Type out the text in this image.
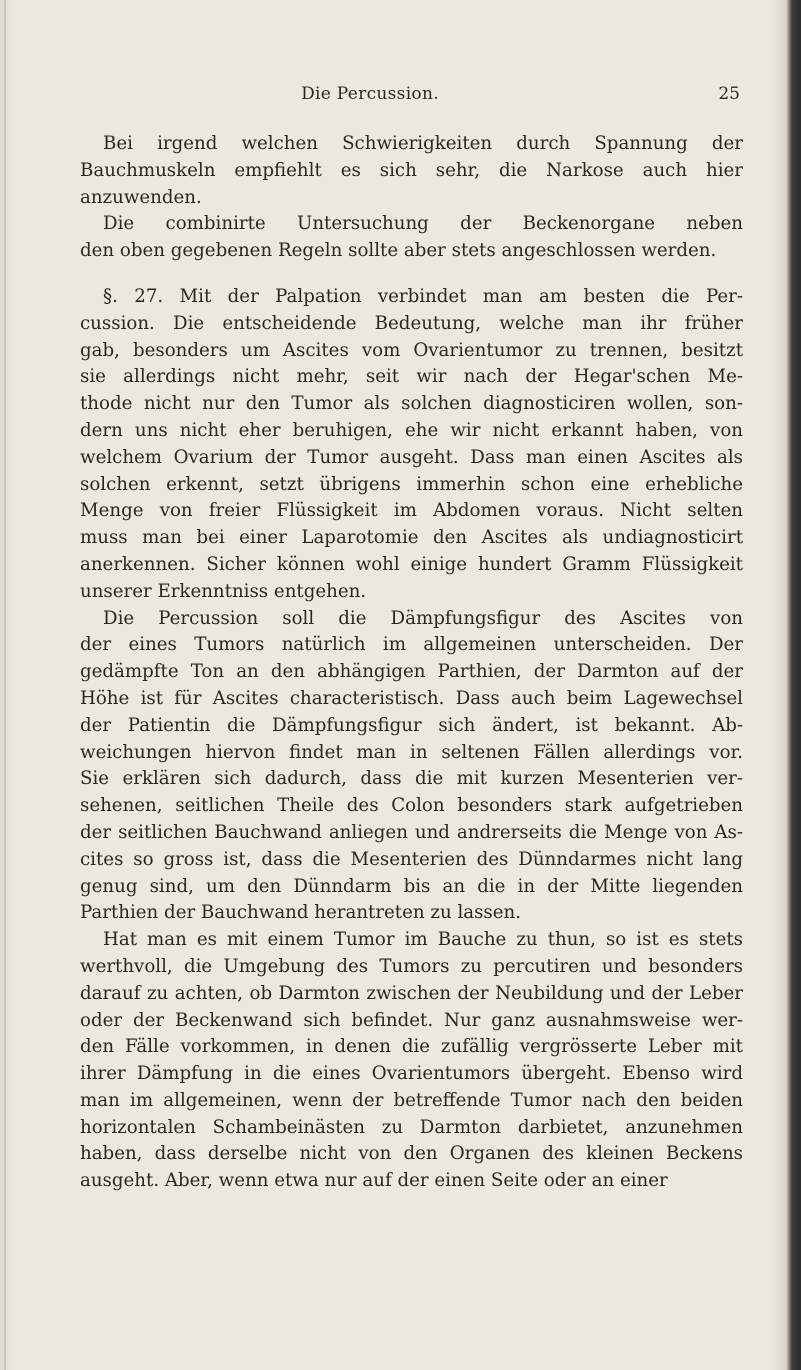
Die Percussion.	25
Bei irgend welchen Schwierigkeiten durch Spannung der
Bauchmuskeln empfiehlt es sich sehr, die Narkose auch hier
anzuwenden.
Die combinirte Untersuchung der Beckenorgane neben
den oben gegebenen Regeln sollte aber stets angeschlossen werden.
§. 27. Mit der Palpation verbindet man am besten die Per-
cussion. Die entscheidende Bedeutung, welche man ihr früher
gab, besonders um Ascites vom Ovarientumor zu trennen, besitzt
sie allerdings nicht mehr, seit wir nach der Hegar'schen Me-
thode nicht nur den Tumor als solchen diagnosticiren wollen, son-
dern uns nicht eher beruhigen, ehe wir nicht erkannt haben, von
welchem Ovarium der Tumor ausgeht. Dass man einen Ascites als
solchen erkennt, setzt übrigens immerhin schon eine erhebliche
Menge von freier Flüssigkeit im Abdomen voraus. Nicht selten
muss man bei einer Laparotomie den Ascites als undiagnosticirt
anerkennen. Sicher können wohl einige hundert Gramm Flüssigkeit
unserer Erkenntniss entgehen.
Die Percussion soll die Dämpfungsfigur des Ascites von
der eines Tumors natürlich im allgemeinen unterscheiden. Der
gedämpfte Ton an den abhängigen Parthien, der Darmton auf der
Höhe ist für Ascites characteristisch. Dass auch beim Lagewechsel
der Patientin die Dämpfungsfigur sich ändert, ist bekannt. Ab-
weichungen hiervon findet man in seltenen Fällen allerdings vor.
Sie erklären sich dadurch, dass die mit kurzen Mesenterien ver-
sehenen, seitlichen Theile des Colon besonders stark aufgetrieben
der seitlichen Bauchwand anliegen und andrerseits die Menge von As-
cites so gross ist, dass die Mesenterien des Dünndarmes nicht lang
genug sind, um den Dünndarm bis an die in der Mitte liegenden
Parthien der Bauchwand herantreten zu lassen.
Hat man es mit einem Tumor im Bauche zu thun, so ist es stets
werthvoll, die Umgebung des Tumors zu percutiren und besonders
darauf zu achten, ob Darmton zwischen der Neubildung und der Leber
oder der Beckenwand sich befindet. Nur ganz ausnahmsweise wer-
den Fälle vorkommen, in denen die zufällig vergrösserte Leber mit
ihrer Dämpfung in die eines Ovarientumors übergeht. Ebenso wird
man im allgemeinen, wenn der betreffende Tumor nach den beiden
horizontalen Schambeinästen zu Darmton darbietet, anzunehmen
haben, dass derselbe nicht von den Organen des kleinen Beckens
ausgeht. Aber, wenn etwa nur auf der einen Seite oder an einer
